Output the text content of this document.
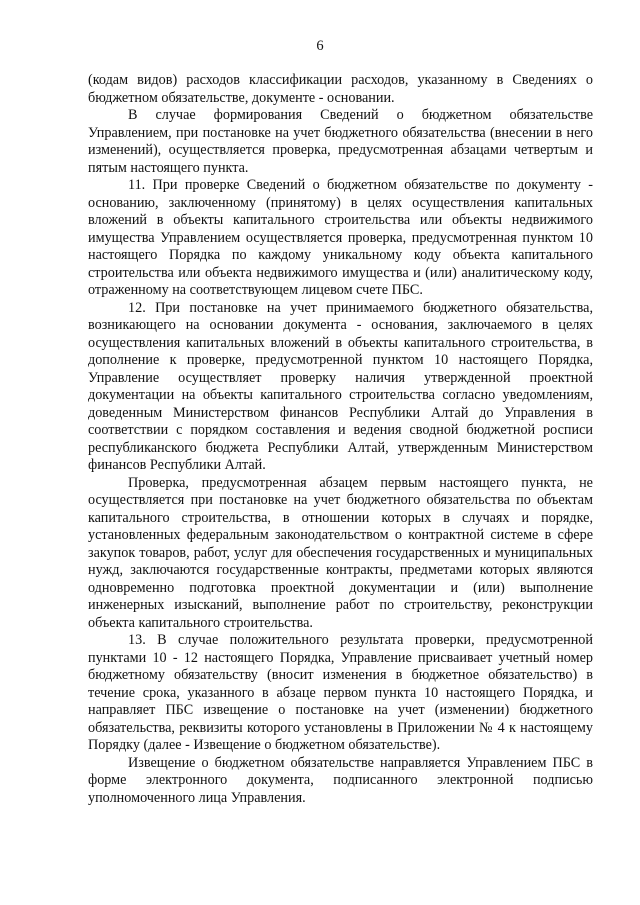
6

(кодам видов) расходов классификации расходов, указанному в Сведениях о бюджетном обязательстве, документе - основании.

В случае формирования Сведений о бюджетном обязательстве Управлением, при постановке на учет бюджетного обязательства (внесении в него изменений), осуществляется проверка, предусмотренная абзацами четвертым и пятым настоящего пункта.

11. При проверке Сведений о бюджетном обязательстве по документу - основанию, заключенному (принятому) в целях осуществления капитальных вложений в объекты капитального строительства или объекты недвижимого имущества Управлением осуществляется проверка, предусмотренная пунктом 10 настоящего Порядка по каждому уникальному коду объекта капитального строительства или объекта недвижимого имущества и (или) аналитическому коду, отраженному на соответствующем лицевом счете ПБС.

12. При постановке на учет принимаемого бюджетного обязательства, возникающего на основании документа - основания, заключаемого в целях осуществления капитальных вложений в объекты капитального строительства, в дополнение к проверке, предусмотренной пунктом 10 настоящего Порядка, Управление осуществляет проверку наличия утвержденной проектной документации на объекты капитального строительства согласно уведомлениям, доведенным Министерством финансов Республики Алтай до Управления в соответствии с порядком составления и ведения сводной бюджетной росписи республиканского бюджета Республики Алтай, утвержденным Министерством финансов Республики Алтай.

Проверка, предусмотренная абзацем первым настоящего пункта, не осуществляется при постановке на учет бюджетного обязательства по объектам капитального строительства, в отношении которых в случаях и порядке, установленных федеральным законодательством о контрактной системе в сфере закупок товаров, работ, услуг для обеспечения государственных и муниципальных нужд, заключаются государственные контракты, предметами которых являются одновременно подготовка проектной документации и (или) выполнение инженерных изысканий, выполнение работ по строительству, реконструкции объекта капитального строительства.

13. В случае положительного результата проверки, предусмотренной пунктами 10 - 12 настоящего Порядка, Управление присваивает учетный номер бюджетному обязательству (вносит изменения в бюджетное обязательство) в течение срока, указанного в абзаце первом пункта 10 настоящего Порядка, и направляет ПБС извещение о постановке на учет (изменении) бюджетного обязательства, реквизиты которого установлены в Приложении № 4 к настоящему Порядку (далее - Извещение о бюджетном обязательстве).

Извещение о бюджетном обязательстве направляется Управлением ПБС в форме электронного документа, подписанного электронной подписью уполномоченного лица Управления.
